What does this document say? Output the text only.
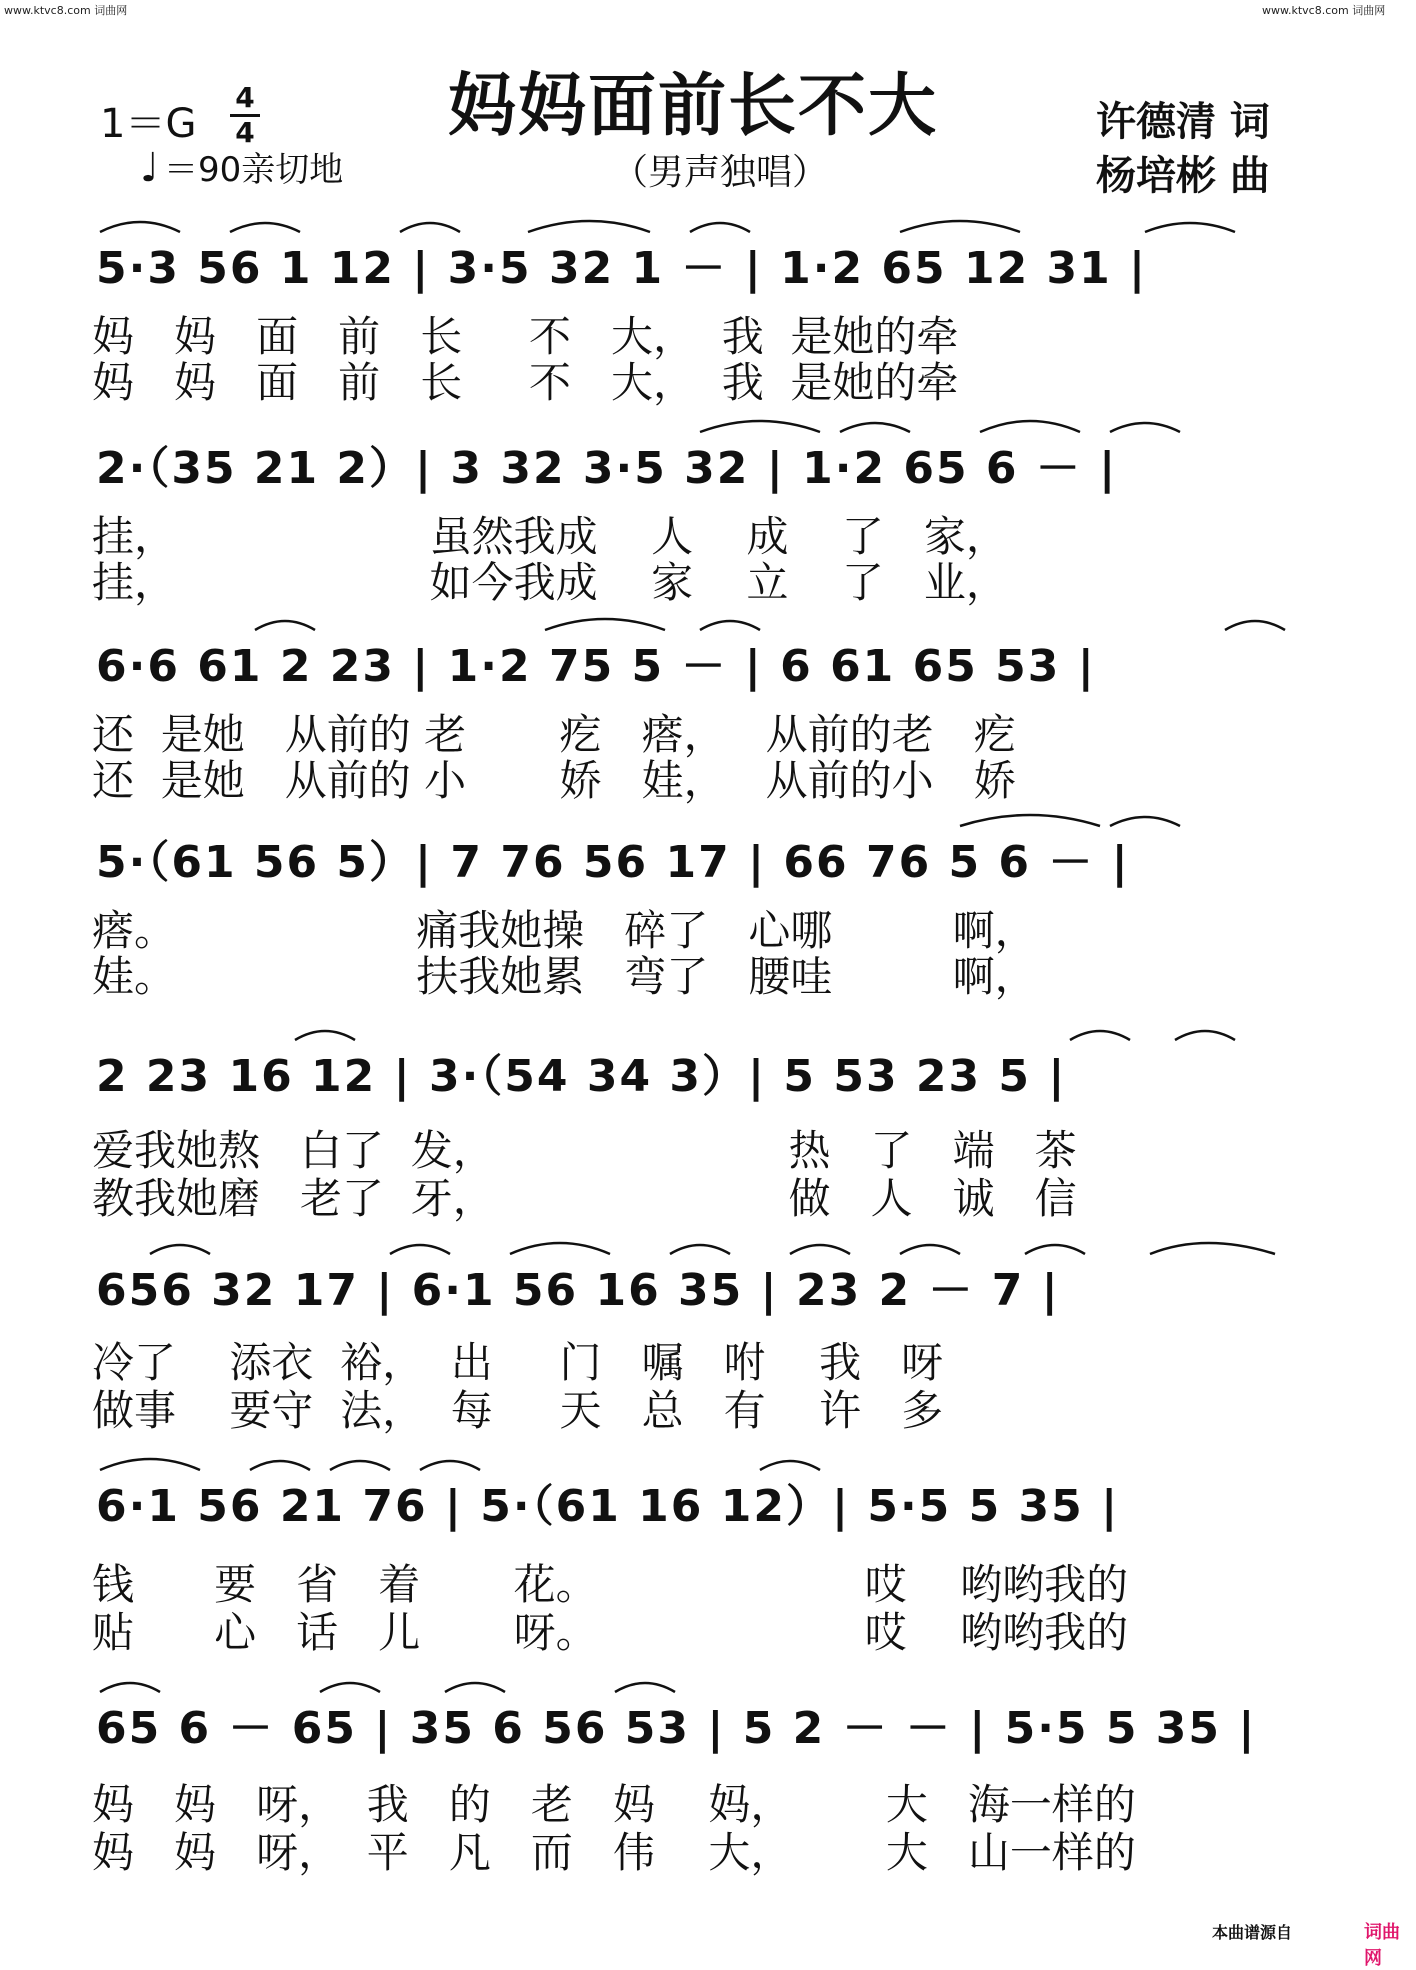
www.ktvc8.com 词曲网	www.ktvc8.com 词曲网
妈妈面前长不大
（男声独唱）
1＝G
4
4
♩ ＝90亲切地
许德清 词
杨培彬 曲
5·3 56 1 12 | 3·5 32 1 － | 1·2 65 12 31 |
妈   妈   面   前   长     不   大，  我  是她的牵
妈   妈   面   前   长     不   大，  我  是她的牵
2·（35 21 2）| 3 32 3·5 32 | 1·2 65 6 － |
挂，                   虽然我成    人    成    了   家，
挂，                   如今我成    家    立    了   业，
6·6 61 2 23 | 1·2 75 5 － | 6 61 65 53 |
还  是她   从前的 老       疙   瘩，   从前的老   疙
还  是她   从前的 小       娇   娃，   从前的小   娇
5·（61 56 5）| 7 76 56 17 | 66 76 5 6 － |
瘩。                  痛我她操   碎了   心哪         啊，
娃。                  扶我她累   弯了   腰哇         啊，
2 23 16 12 | 3·（54 34 3）| 5 53 23 5 |
爱我她熬   白了  发，                      热   了   端   茶
教我她磨   老了  牙，                      做   人   诚   信
656 32 17 | 6·1 56 16 35 | 23 2 － 7 |
冷了    添衣  裕，  出     门   嘱   咐    我   呀
做事    要守  法，  每     天   总   有    许   多
6·1 56 21 76 | 5·（61 16 12）| 5·5 5 35 |
钱      要   省   着       花。                    哎    哟哟我的
贴      心   话   儿       呀。                    哎    哟哟我的
65 6 － 65 | 35 6 56 53 | 5 2 － － | 5·5 5 35 |
妈   妈   呀，  我   的   老   妈    妈，       大   海一样的
妈   妈   呀，  平   凡   而   伟    大，       大   山一样的
本曲谱源自	词曲网
